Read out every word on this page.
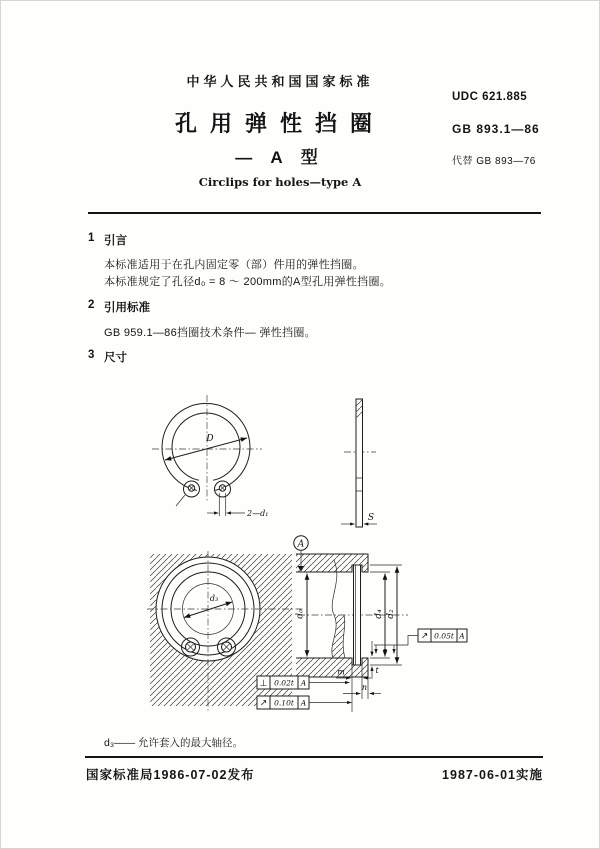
中华人民共和国国家标准
UDC 621.885
孔用弹性挡圈	GB 893.1—86
— A 型	代替 GB 893—76
Circlips for holes—type A
1 引言
本标准适用于在孔内固定零（部）件用的弹性挡圈。
本标准规定了孔径d₀ = 8 ～ 200mm的A型孔用弹性挡圈。
2 引用标准
GB 959.1—86挡圈技术条件— 弹性挡圈。
3 尺寸
D
2—d₁	S
A
d₃
d₀	d₄ d₂
m	t
n
⊥ 0.02t A
↗ 0.10t A
↗ 0.05t A
d₃—— 允许套入的最大轴径。
国家标准局1986-07-02发布	1987-06-01实施
